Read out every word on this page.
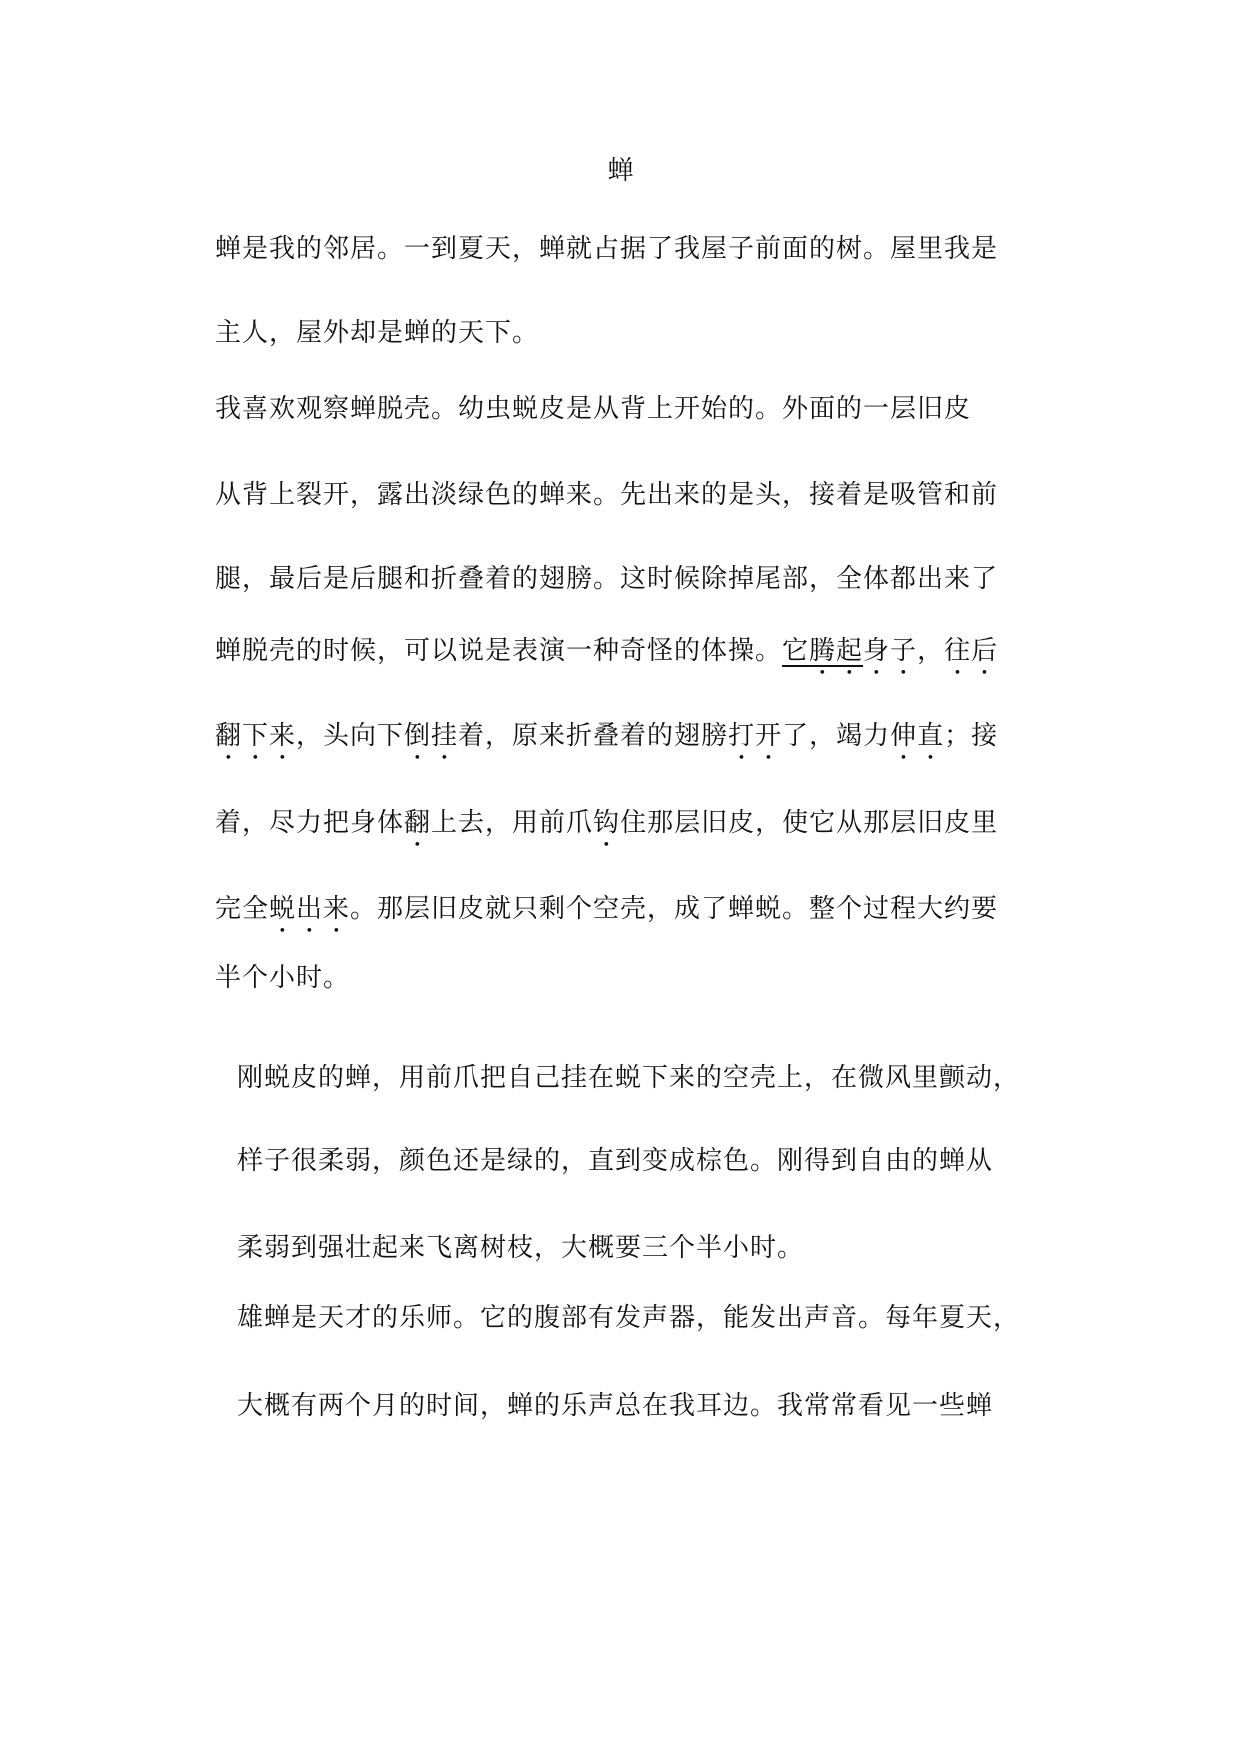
蝉
蝉是我的邻居。一到夏天，蝉就占据了我屋子前面的树。屋里我是
主人，屋外却是蝉的天下。
我喜欢观察蝉脱壳。幼虫蜕皮是从背上开始的。外面的一层旧皮
从背上裂开，露出淡绿色的蝉来。先出来的是头，接着是吸管和前
腿，最后是后腿和折叠着的翅膀。这时候除掉尾部，全体都出来了
蝉脱壳的时候，可以说是表演一种奇怪的体操。它腾起身子，往后
翻下来，头向下倒挂着，原来折叠着的翅膀打开了，竭力伸直；接
着，尽力把身体翻上去，用前爪钩住那层旧皮，使它从那层旧皮里
完全蜕出来。那层旧皮就只剩个空壳，成了蝉蜕。整个过程大约要
半个小时。
刚蜕皮的蝉，用前爪把自己挂在蜕下来的空壳上，在微风里颤动，
样子很柔弱，颜色还是绿的，直到变成棕色。刚得到自由的蝉从
柔弱到强壮起来飞离树枝，大概要三个半小时。
雄蝉是天才的乐师。它的腹部有发声器，能发出声音。每年夏天，
大概有两个月的时间，蝉的乐声总在我耳边。我常常看见一些蝉
